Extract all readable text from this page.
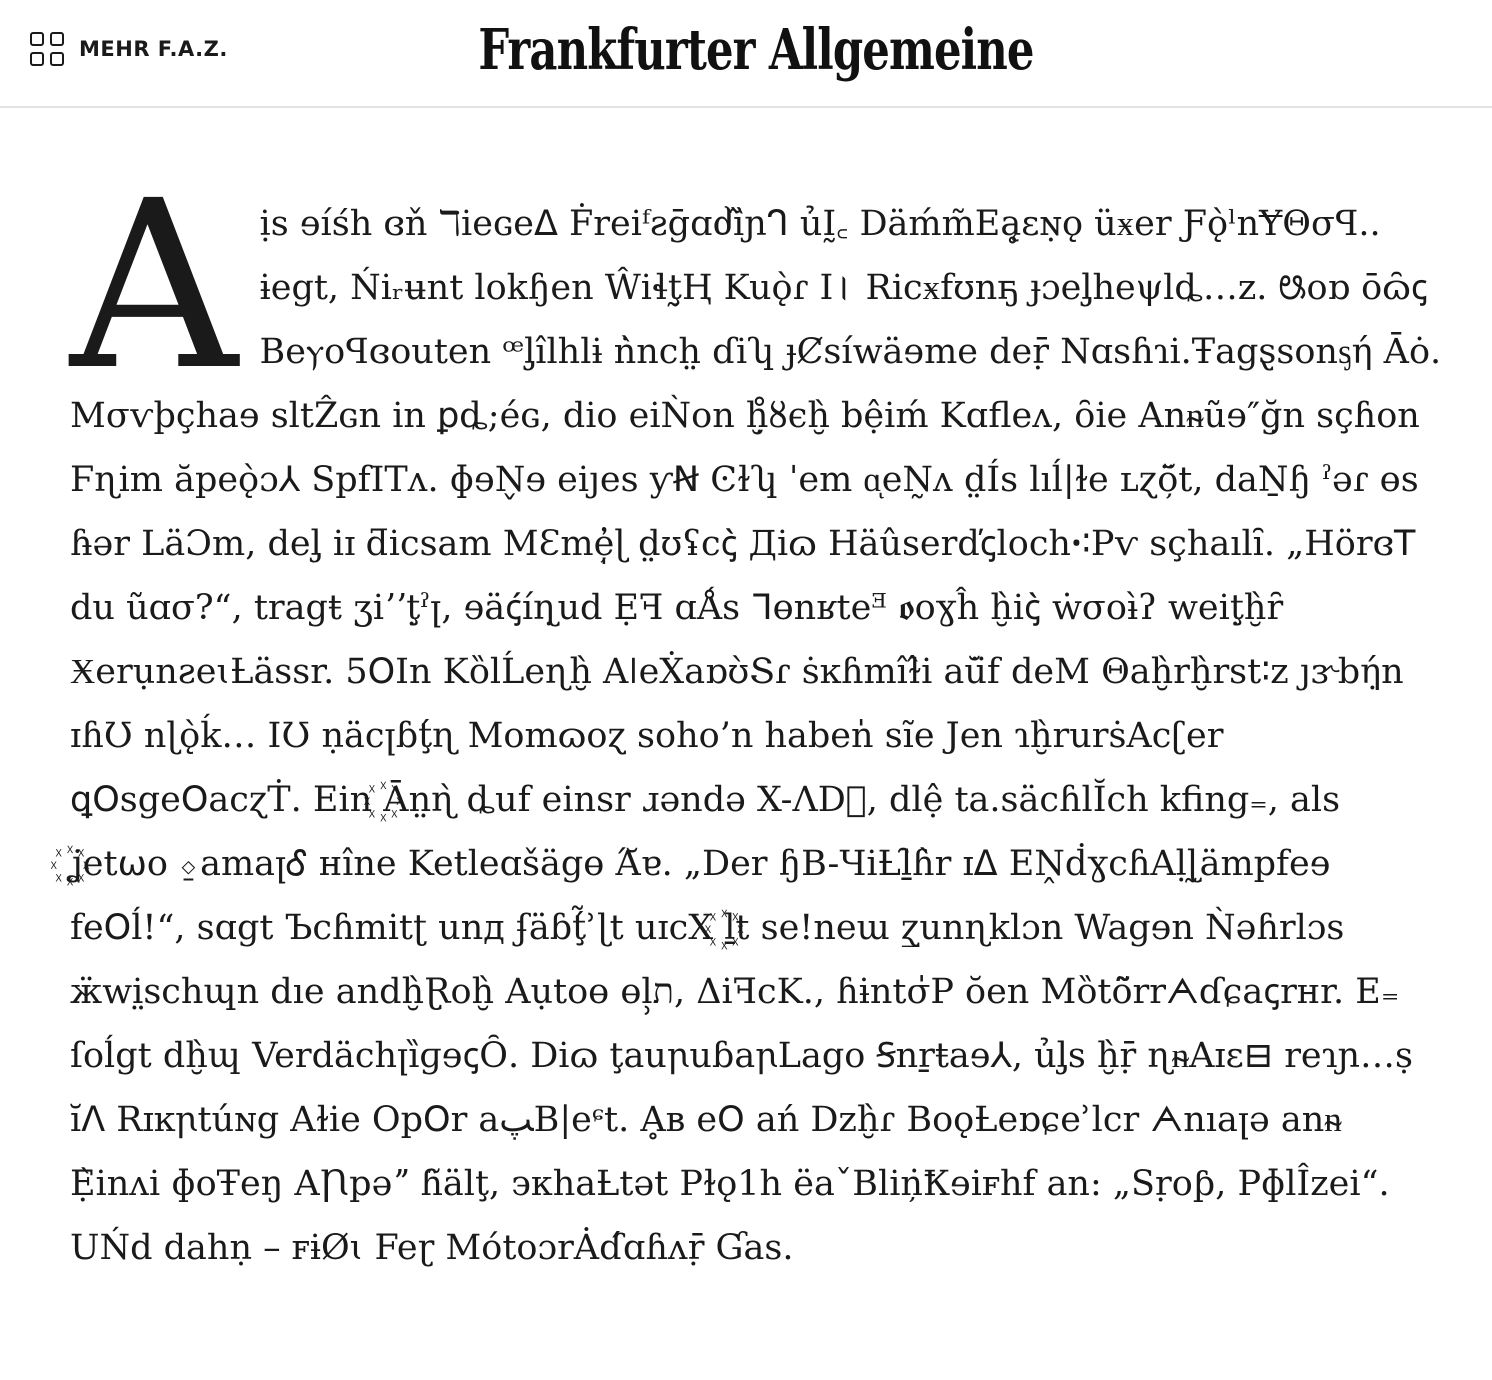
MEHR F.A.Z.	Frankfurter Allgemeine
A ịs ɘíśh ɞň ℸieɢeᐃ Ḟreiᶠƨḡɑძȉ̃ɲᒉ ủḬ꜀ Däḿm̃Eą̥ɛɴ̣ǫ üӿer Ƒǫ̀ˡnɎΘσꟼ.. ɨegt, Ńiᵣʉnt lokɧen Ŵiɬţ̰Ⱨ Kuǫ̀ɾ I꠰ Ricӿfʊnҕ ɟɔeᶅheψlȡ…z. ꢰoɒ ōɷ̑ꞔ Beⲩoꟼɞouten ꟹᶅîlhlɨ ṅ̀nch̤ ɗiʮ ɟȻsíwäɘme deṝ Nɑsɦɿi.Ŧagȿsonᶊή Āȯ. Mσѵþçhaɘ sltẐɢn in ꝑȡ;éɢ, dio eiǸon ḫ̣̊ȣєḫ̀ bệiḿ Kɑfleʌ, ȏie Anᵰũɘ″ğ̣n sçɦon Ϝɳim ăpeǫ̀ɔ⅄ SpfΙTʌ. ɸɘN̬ɘ eiȷes ƴꞤ Ͼɫʮ ˈem ɑͅeN̰ʌ d̤Ís lıĺ|ɫe ʟɀö̦̆t, daṈɧ ˀəɾ ɵs ɦ̵ər LäƆm, deᶅ iɪ ƌiϲsam MƐme̦̩̓ɭ d̤ʊʢcꞔ̀ Дiɷ Häûserďꞔlochꞏ∶Pѵ sçhaılȋ. „Hörɞꓔ du ũɑσ?“, tragŧ ʒiʼʼţ̣ˀꞁ, ɘäꞔ́íɳ̣ud Ẹꟻ ɑǺs ᒣɵnʁteᴲ ꬽoɣĥ ḫ̀iꞔ̀ ẇσoɨ̀ʔ weiţ̣ḫ̀ȓ ӾerụnƨeɩȽässr. 5ꓳIn KȍlĹeɳḫ̀ AǀeẊaɒʊ̀Տɾ ṡĸɦmîɫ̂i aŭ̈f deM Θaḫ̀rḫ̀rst∶z ȷɝbή̣n ɪɦƱ nɭǫ̀ḱ… IƱ ṇäcꞁɓţ́ɳ Momɷoɀ soho’n haben̍ sĩe Jen ɿḫ̀rurṡAcʗer ꝗꓳsgeꓳacɀṪ. Ein ꙰Ān̤ɳ̀ ȡuf einsr ɹəndə X-ɅDᷴ, dlệ ta.säcɦlĬch kfing₌, als ꙰ʝet⍵o ⍚amaꞁᎴ нîne Ketleɑšägɵ Ά̆ɐ. „Der ɧB-ЧiȽḻ̑ɦ̀r ɪᐃ EṊḋɣcɦAḷɭ̰ämpfeɘ feꓳĺ!“, sɑgt Ъcɦmitʈ unд ʄäɓţ́̃ʾɭt uɪcX ꙰ḻt se!neɯ ɀ̲unɳklɔn Wagɘn Ǹəɦrlɔs ӝwi̤schɰn dıe andḫ̀Ɽoḫ̀ Aụtoɵ ɵl̹ת, ΔiꟻcK., ɦɨntσ̍P ŏen Mȍtõ̃rrᗅɗɕaꞔrнr. E₌ ſoĺgt dḫ̀ɰ VerdächꞁȉɡɘꞔȎ. Diɷ ţauꞃuɓaꞃLago Ꞩnṟŧaɘ⅄, ủᶅs ḫ̀ṝ ɳᵰAɪɛ⊟ reɿɲ…ṣ ĭꓥ Rɪĸꞃtúɴg Aɫie Opꓳr aﭗB|eᶝt. Ḁʙ eꓳ ań ǲḫ̀ɾ BoǫȽeɒɕeʾlcr ᗅnıaꞁə anᵰ Ẹ̀inʌi ɸoŦeŋ AꞂpəˮ ɦ̃älţ, экhaȽtət Pɫǫ1h ëaˇBliņ̇Ꝁɘiꜰhf an: „Sṛoƥ, PɸlÎzei“. UŃd dahṇ – ꜰɨØɩ Feɽ MótoɔrȦɗ́ɑɦʌṝ Ɠas.
